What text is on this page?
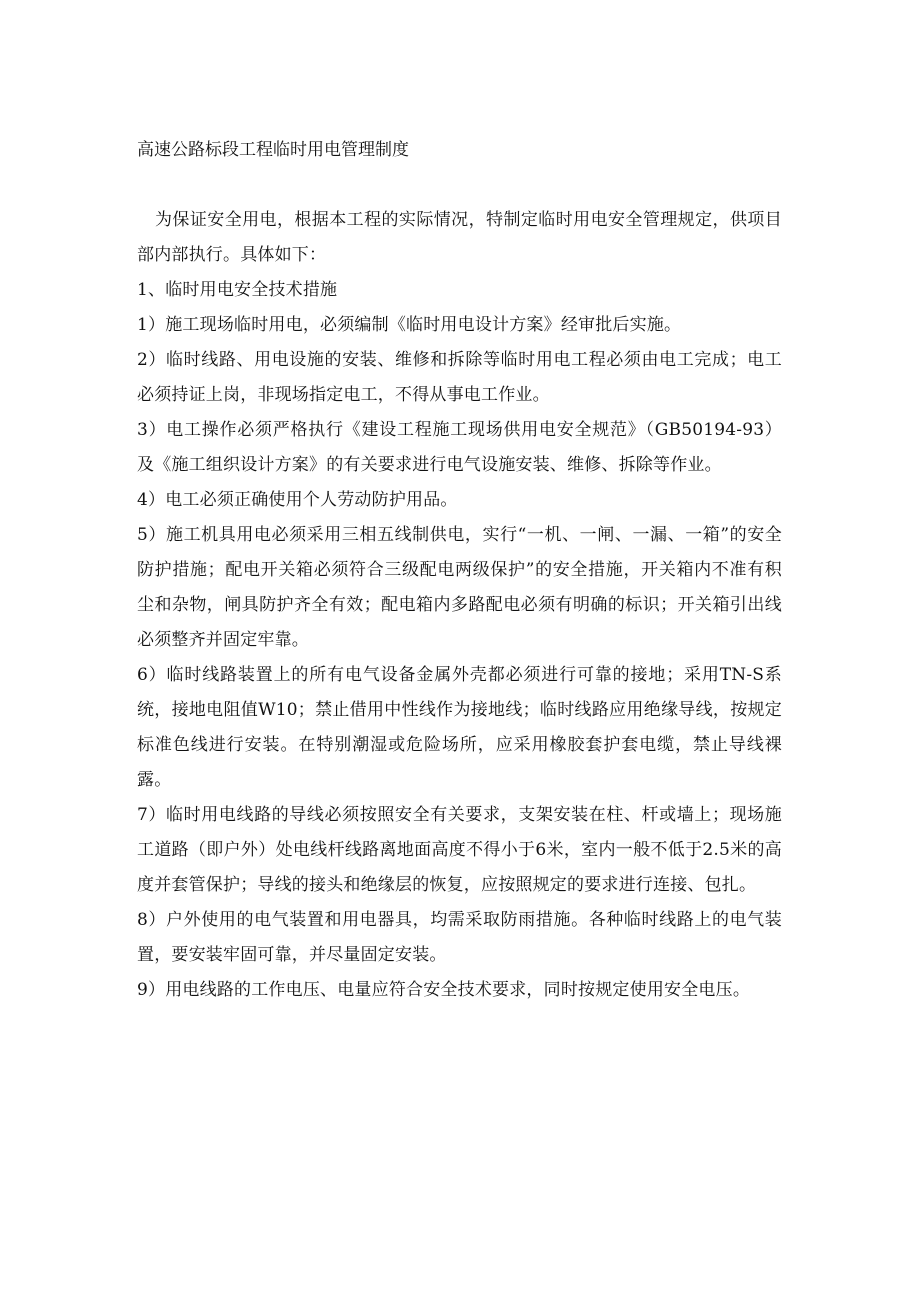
高速公路标段工程临时用电管理制度

为保证安全用电，根据本工程的实际情况，特制定临时用电安全管理规定，供项目部内部执行。具体如下：

1、临时用电安全技术措施

1）施工现场临时用电，必须编制《临时用电设计方案》经审批后实施。

2）临时线路、用电设施的安装、维修和拆除等临时用电工程必须由电工完成；电工必须持证上岗，非现场指定电工，不得从事电工作业。

3）电工操作必须严格执行《建设工程施工现场供用电安全规范》（GB50194-93）及《施工组织设计方案》的有关要求进行电气设施安装、维修、拆除等作业。

4）电工必须正确使用个人劳动防护用品。

5）施工机具用电必须采用三相五线制供电，实行“一机、一闸、一漏、一箱”的安全防护措施；配电开关箱必须符合三级配电两级保护”的安全措施，开关箱内不准有积尘和杂物，闸具防护齐全有效；配电箱内多路配电必须有明确的标识；开关箱引出线必须整齐并固定牢靠。

6）临时线路装置上的所有电气设备金属外壳都必须进行可靠的接地；采用TN-S系统，接地电阻值W10；禁止借用中性线作为接地线；临时线路应用绝缘导线，按规定标准色线进行安装。在特别潮湿或危险场所，应采用橡胶套护套电缆，禁止导线裸露。

7）临时用电线路的导线必须按照安全有关要求，支架安装在柱、杆或墙上；现场施工道路（即户外）处电线杆线路离地面高度不得小于6米，室内一般不低于2.5米的高度并套管保护；导线的接头和绝缘层的恢复，应按照规定的要求进行连接、包扎。

8）户外使用的电气装置和用电器具，均需采取防雨措施。各种临时线路上的电气装置，要安装牢固可靠，并尽量固定安装。

9）用电线路的工作电压、电量应符合安全技术要求，同时按规定使用安全电压。
